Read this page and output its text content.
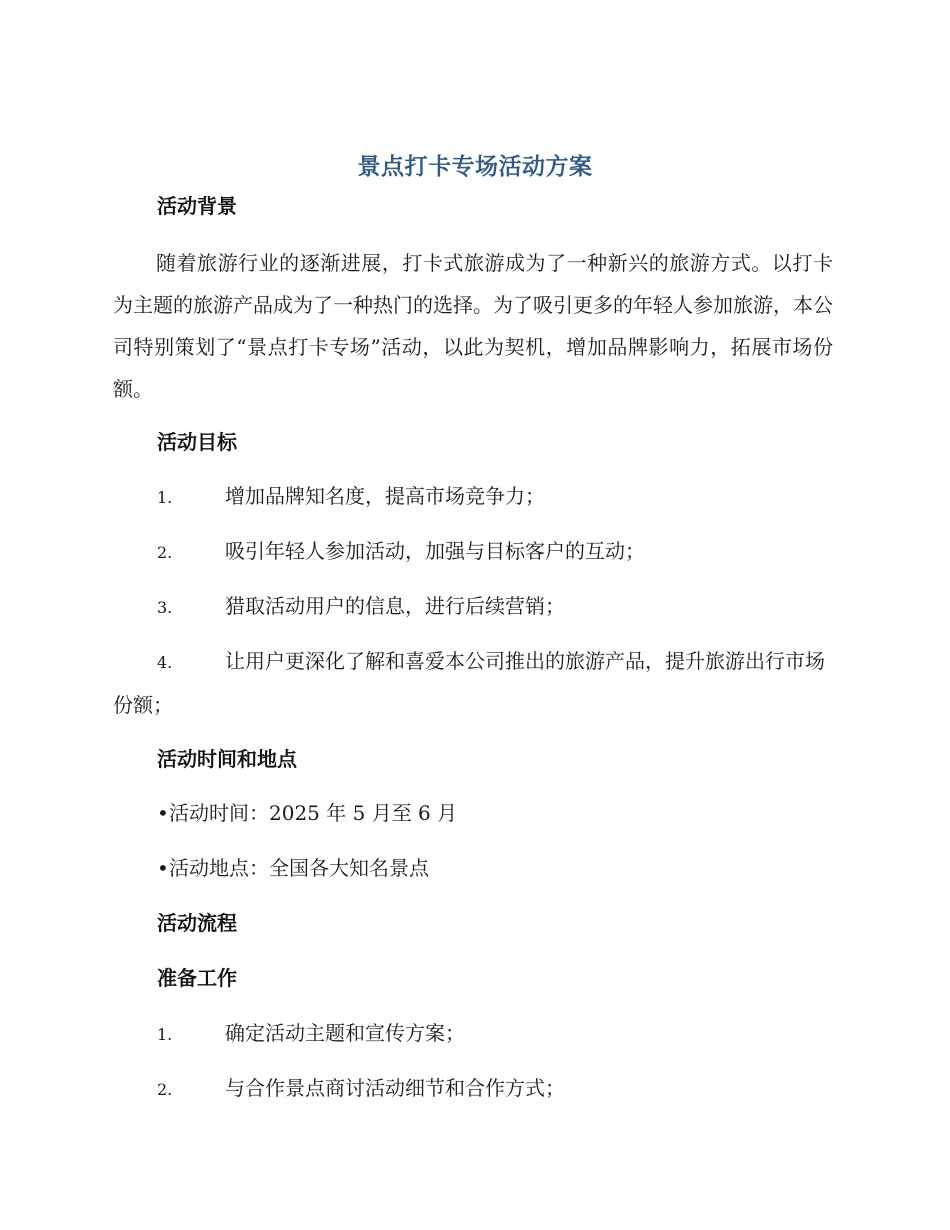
景点打卡专场活动方案
活动背景

随着旅游行业的逐渐进展，打卡式旅游成为了一种新兴的旅游方式。以打卡为主题的旅游产品成为了一种热门的选择。为了吸引更多的年轻人参加旅游，本公司特别策划了“景点打卡专场”活动，以此为契机，增加品牌影响力，拓展市场份额。

活动目标

1.	增加品牌知名度，提高市场竞争力；

2.	吸引年轻人参加活动，加强与目标客户的互动；

3.	猎取活动用户的信息，进行后续营销；

4.	让用户更深化了解和喜爱本公司推出的旅游产品，提升旅游出行市场份额；

活动时间和地点

•活动时间：2025 年 5 月至 6 月

•活动地点：全国各大知名景点

活动流程
准备工作

1.	确定活动主题和宣传方案；

2.	与合作景点商讨活动细节和合作方式；
